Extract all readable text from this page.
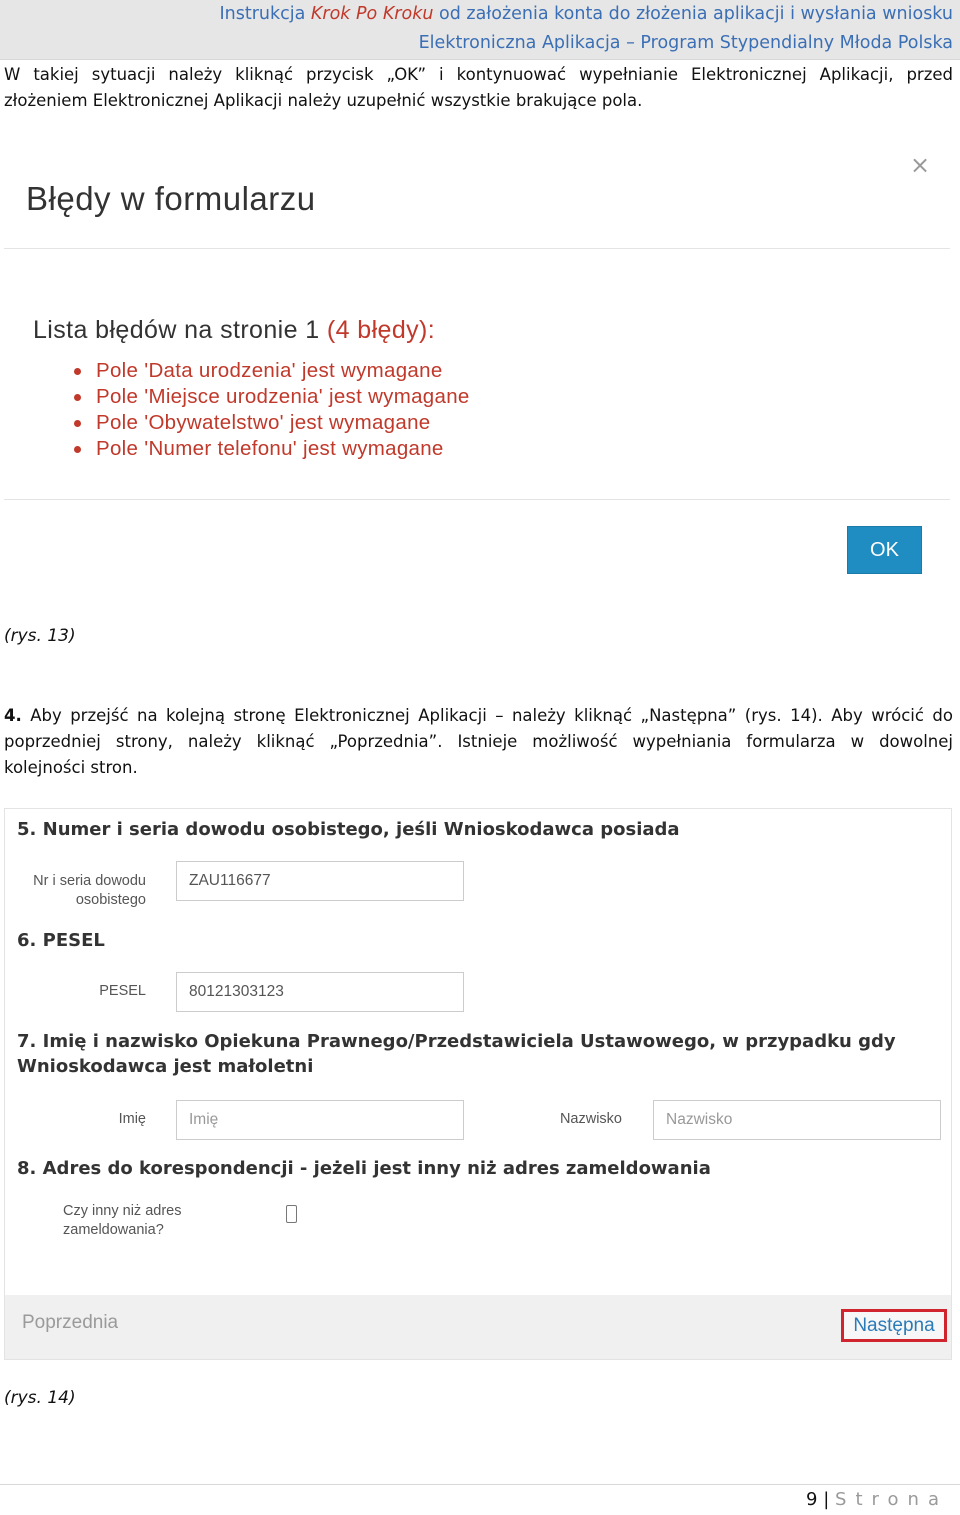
Instrukcja Krok Po Kroku od założenia konta do złożenia aplikacji i wysłania wniosku
Elektroniczna Aplikacja – Program Stypendialny Młoda Polska

W takiej sytuacji należy kliknąć przycisk „OK” i kontynuować wypełnianie Elektronicznej Aplikacji, przed
złożeniem Elektronicznej Aplikacji należy uzupełnić wszystkie brakujące pola.

Błędy w formularzu
×
Lista błędów na stronie 1 (4 błędy):
Pole 'Data urodzenia' jest wymagane
Pole 'Miejsce urodzenia' jest wymagane
Pole 'Obywatelstwo' jest wymagane
Pole 'Numer telefonu' jest wymagane
OK
(rys. 13)

4. Aby przejść na kolejną stronę Elektronicznej Aplikacji – należy kliknąć „Następna” (rys. 14). Aby wrócić do
poprzedniej strony, należy kliknąć „Poprzednia”. Istnieje możliwość wypełniania formularza w dowolnej
kolejności stron.

5. Numer i seria dowodu osobistego, jeśli Wnioskodawca posiada
Nr i seria dowodu
osobistego
ZAU116677
6. PESEL
PESEL	80121303123
7. Imię i nazwisko Opiekuna Prawnego/Przedstawiciela Ustawowego, w przypadku gdy
Wnioskodawca jest małoletni
Imię	Imię	Nazwisko	Nazwisko
8. Adres do korespondencji - jeżeli jest inny niż adres zameldowania
Czy inny niż adres
zameldowania?
Poprzednia	Następna
(rys. 14)
9 | Strona
